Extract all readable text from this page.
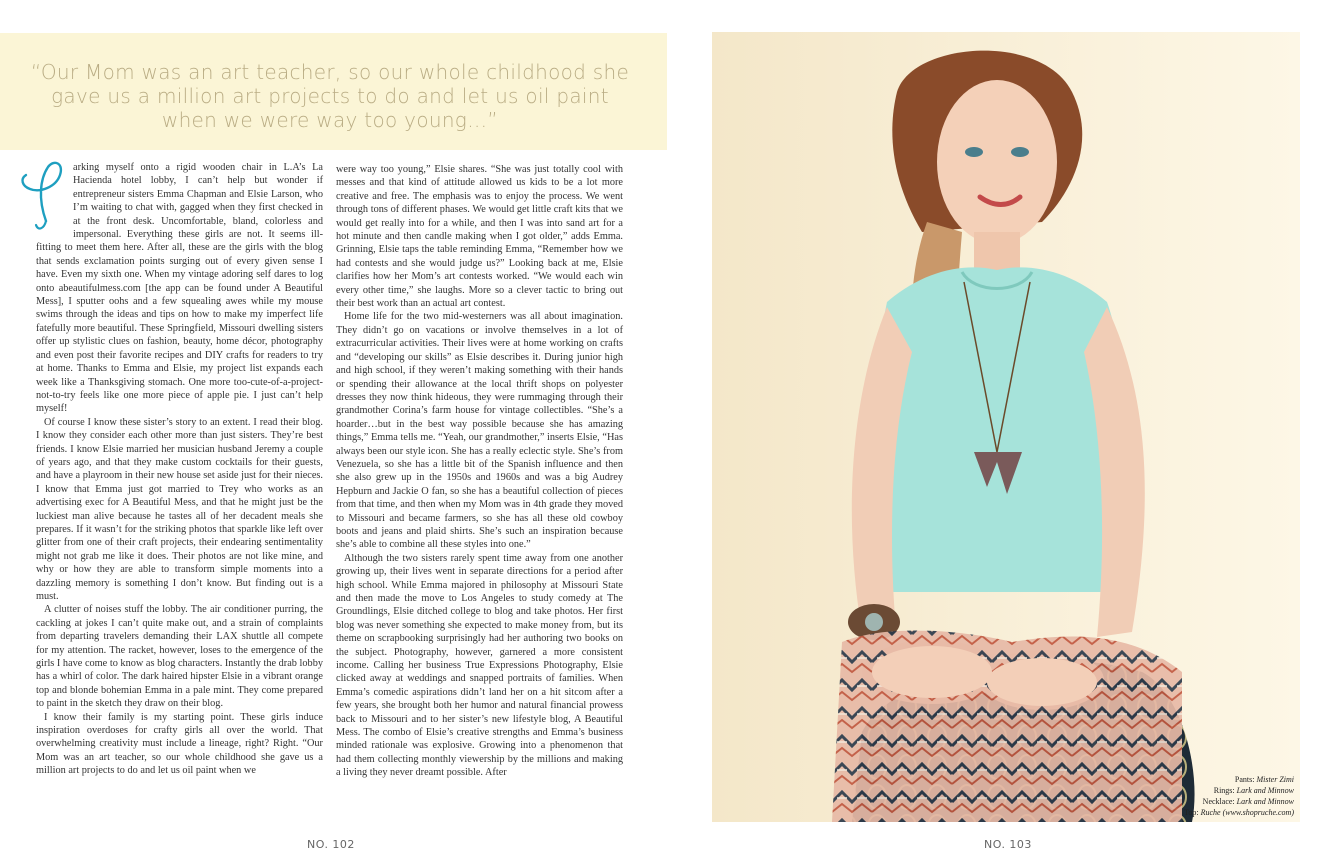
“Our Mom was an art teacher, so our whole childhood she gave us a million art projects to do and let us oil paint when we were way too young…”

arking myself onto a rigid wooden chair in L.A’s La Hacienda hotel lobby, I can’t help but wonder if entrepreneur sisters Emma Chapman and Elsie Larson, who I’m waiting to chat with, gagged when they first checked in at the front desk. Uncomfortable, bland, colorless and impersonal. Everything these girls are not. It seems ill-fitting to meet them here. After all, these are the girls with the blog that sends exclamation points surging out of every given sense I have. Even my sixth one. When my vintage adoring self dares to log onto abeautifulmess.com [the app can be found under A Beautiful Mess], I sputter oohs and a few squealing awes while my mouse swims through the ideas and tips on how to make my imperfect life fatefully more beautiful. These Springfield, Missouri dwelling sisters offer up stylistic clues on fashion, beauty, home décor, photography and even post their favorite recipes and DIY crafts for readers to try at home. Thanks to Emma and Elsie, my project list expands each week like a Thanksgiving stomach. One more too-cute-of-a-project-not-to-try feels like one more piece of apple pie. I just can’t help myself!

Of course I know these sister’s story to an extent. I read their blog. I know they consider each other more than just sisters. They’re best friends. I know Elsie married her musician husband Jeremy a couple of years ago, and that they make custom cocktails for their guests, and have a playroom in their new house set aside just for their nieces. I know that Emma just got married to Trey who works as an advertising exec for A Beautiful Mess, and that he might just be the luckiest man alive because he tastes all of her decadent meals she prepares. If it wasn’t for the striking photos that sparkle like left over glitter from one of their craft projects, their endearing sentimentality might not grab me like it does. Their photos are not like mine, and why or how they are able to transform simple moments into a dazzling memory is something I don’t know. But finding out is a must.

A clutter of noises stuff the lobby. The air conditioner purring, the cackling at jokes I can’t quite make out, and a strain of complaints from departing travelers demanding their LAX shuttle all compete for my attention. The racket, however, loses to the emergence of the girls I have come to know as blog characters. Instantly the drab lobby has a whirl of color. The dark haired hipster Elsie in a vibrant orange top and blonde bohemian Emma in a pale mint. They come prepared to paint in the sketch they draw on their blog.

I know their family is my starting point. These girls induce inspiration overdoses for crafty girls all over the world. That overwhelming creativity must include a lineage, right? Right. “Our Mom was an art teacher, so our whole childhood she gave us a million art projects to do and let us oil paint when we

were way too young,” Elsie shares. “She was just totally cool with messes and that kind of attitude allowed us kids to be a lot more creative and free. The emphasis was to enjoy the process. We went through tons of different phases. We would get little craft kits that we would get really into for a while, and then I was into sand art for a hot minute and then candle making when I got older,” adds Emma. Grinning, Elsie taps the table reminding Emma, “Remember how we had contests and she would judge us?” Looking back at me, Elsie clarifies how her Mom’s art contests worked. “We would each win every other time,” she laughs. More so a clever tactic to bring out their best work than an actual art contest.

Home life for the two mid-westerners was all about imagination. They didn’t go on vacations or involve themselves in a lot of extracurricular activities. Their lives were at home working on crafts and “developing our skills” as Elsie describes it. During junior high and high school, if they weren’t making something with their hands or spending their allowance at the local thrift shops on polyester dresses they now think hideous, they were rummaging through their grandmother Corina’s farm house for vintage collectibles. “She’s a hoarder…but in the best way possible because she has amazing things,” Emma tells me. “Yeah, our grandmother,” inserts Elsie, “Has always been our style icon. She has a really eclectic style. She’s from Venezuela, so she has a little bit of the Spanish influence and then she also grew up in the 1950s and 1960s and was a big Audrey Hepburn and Jackie O fan, so she has a beautiful collection of pieces from that time, and then when my Mom was in 4th grade they moved to Missouri and became farmers, so she has all these old cowboy boots and jeans and plaid shirts. She’s such an inspiration because she’s able to combine all these styles into one.”

Although the two sisters rarely spent time away from one another growing up, their lives went in separate directions for a period after high school. While Emma majored in philosophy at Missouri State and then made the move to Los Angeles to study comedy at The Groundlings, Elsie ditched college to blog and take photos. Her first blog was never something she expected to make money from, but its theme on scrapbooking surprisingly had her authoring two books on the subject. Photography, however, garnered a more consistent income. Calling her business True Expressions Photography, Elsie clicked away at weddings and snapped portraits of families. When Emma’s comedic aspirations didn’t land her on a hit sitcom after a few years, she brought both her humor and natural financial prowess back to Missouri and to her sister’s new lifestyle blog, A Beautiful Mess. The combo of Elsie’s creative strengths and Emma’s business minded rationale was explosive. Growing into a phenomenon that had them collecting monthly viewership by the millions and making a living they never dreamt possible. After

NO. 102
Pants: Mister Zimi
Rings: Lark and Minnow
Necklace: Lark and Minnow
Top: Ruche (www.shopruche.com)
NO. 103
